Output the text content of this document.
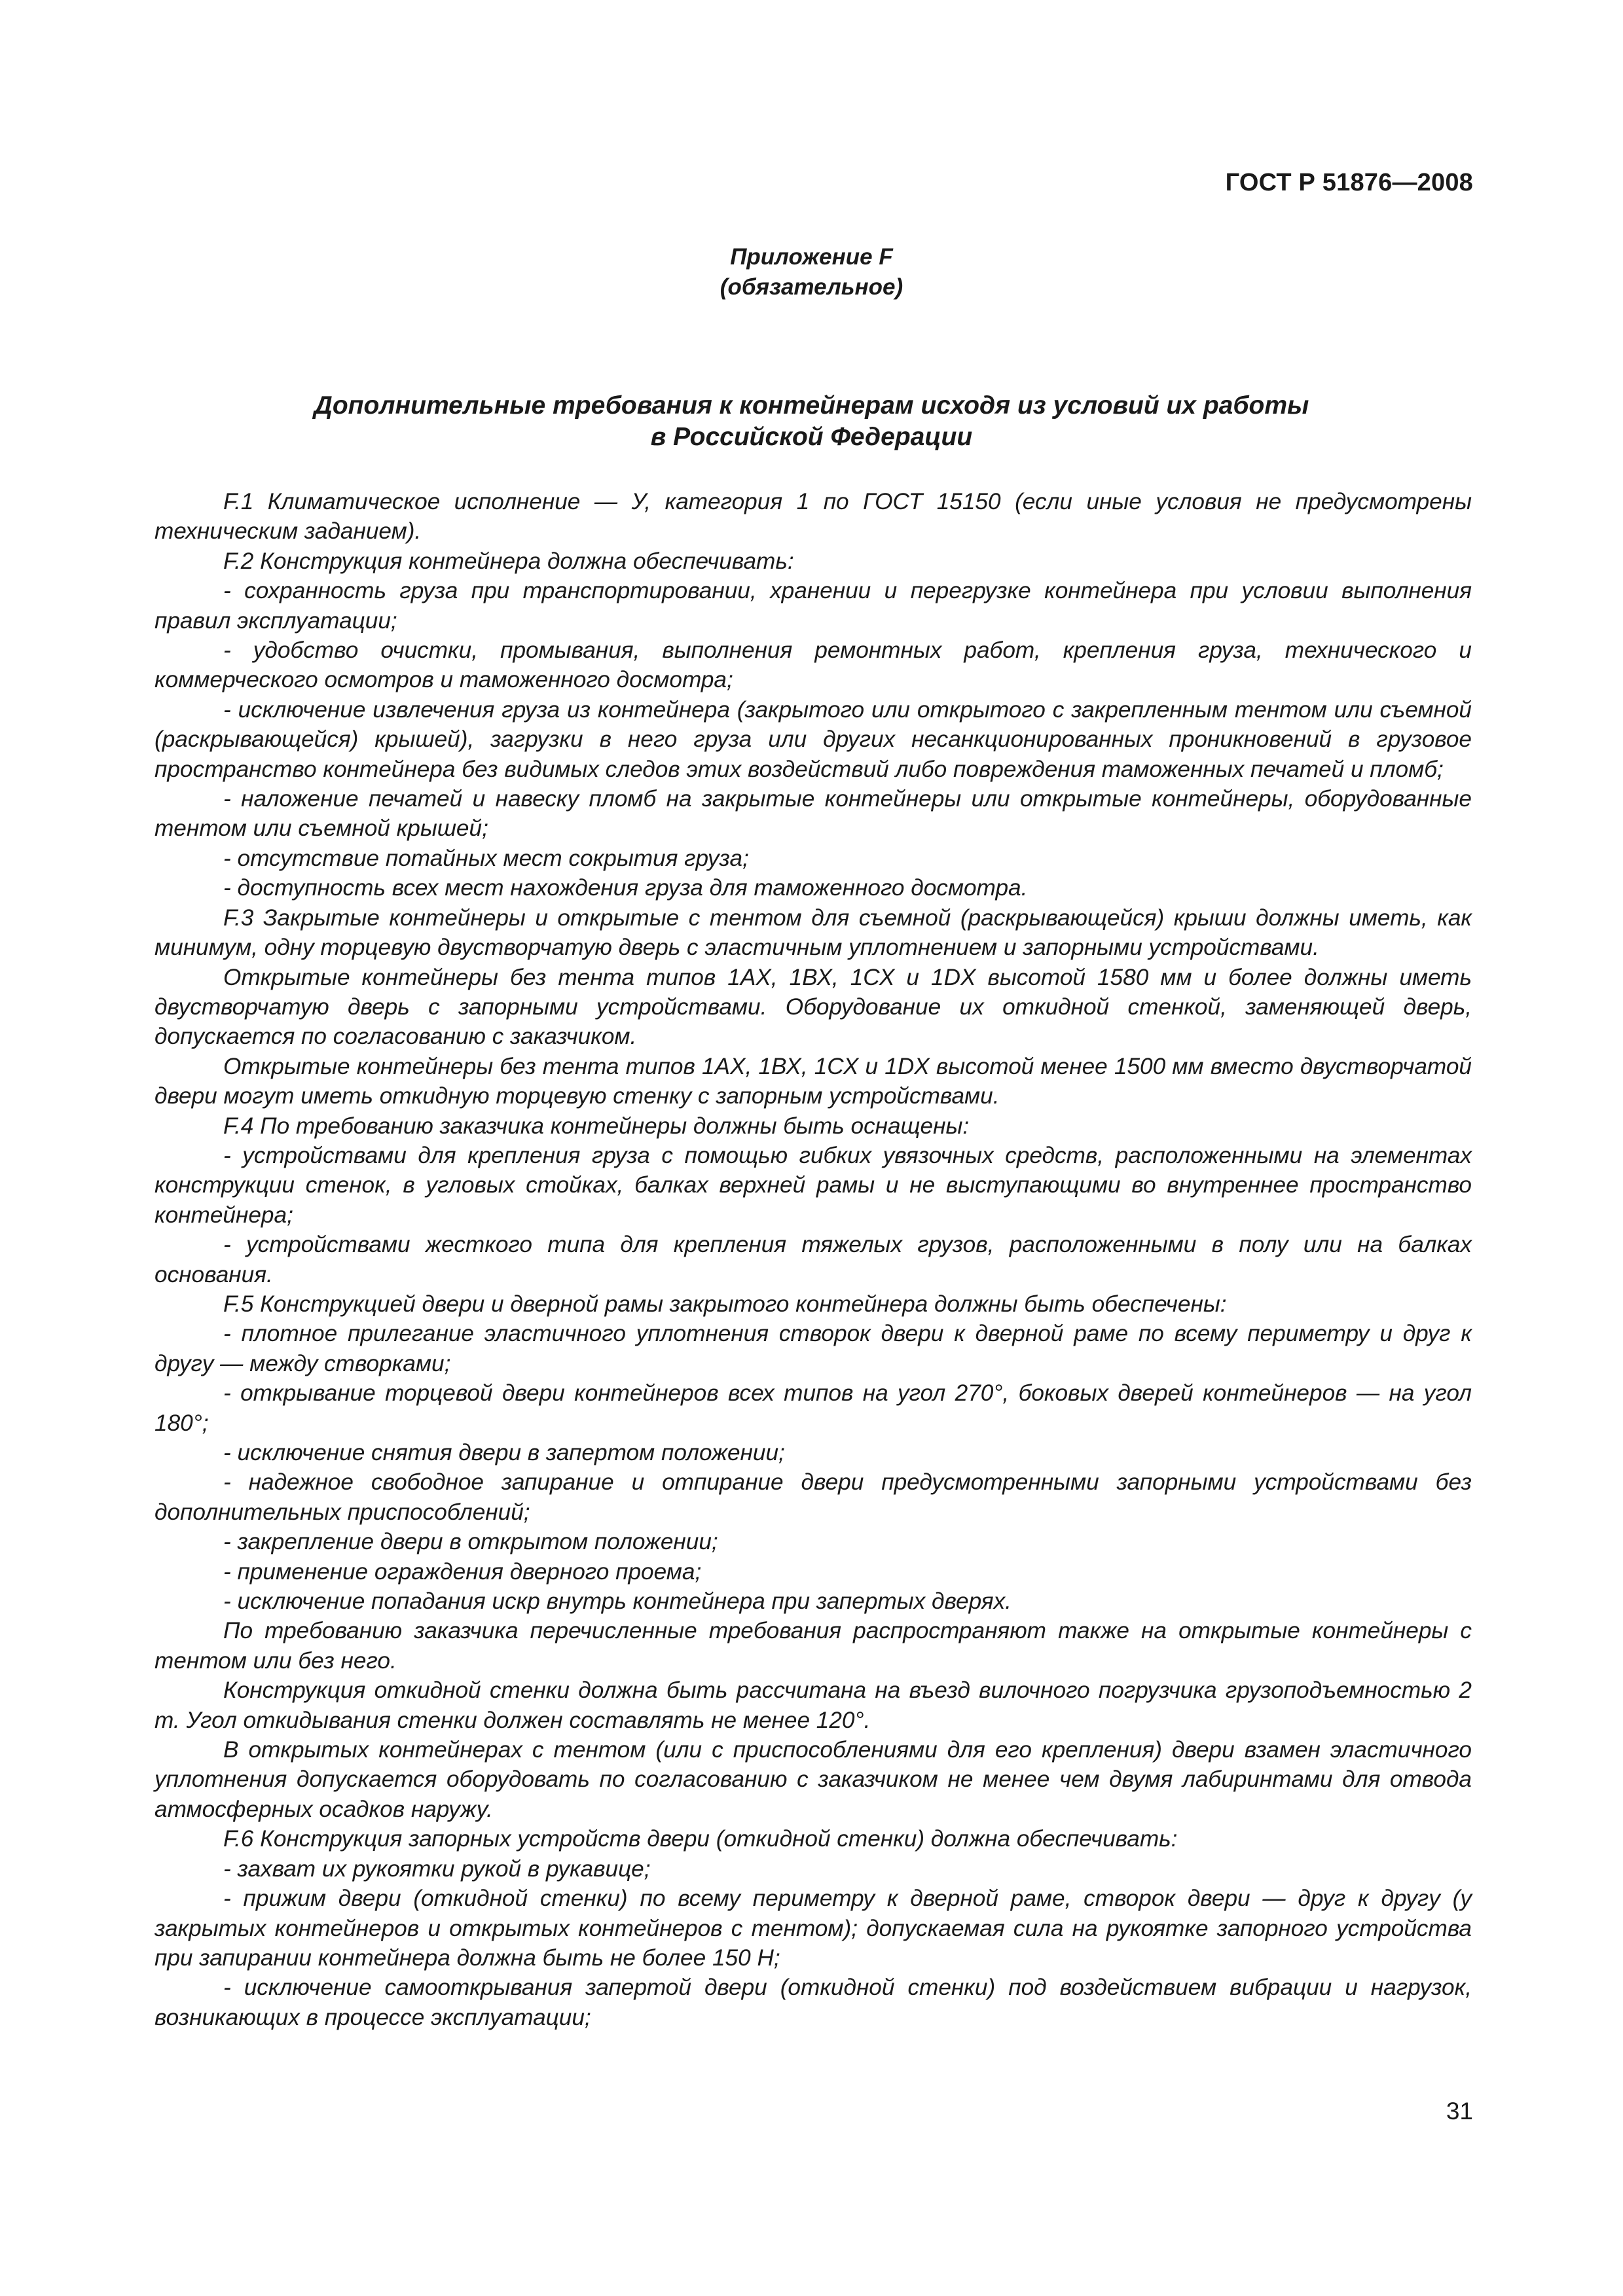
ГОСТ Р 51876—2008
Приложение F
(обязательное)
Дополнительные требования к контейнерам исходя из условий их работы
в Российской Федерации

F.1 Климатическое исполнение — У, категория 1 по ГОСТ 15150 (если иные условия не предусмотрены техническим заданием).

F.2 Конструкция контейнера должна обеспечивать:

- сохранность груза при транспортировании, хранении и перегрузке контейнера при условии выполнения правил эксплуатации;

- удобство очистки, промывания, выполнения ремонтных работ, крепления груза, технического и коммерческого осмотров и таможенного досмотра;

- исключение извлечения груза из контейнера (закрытого или открытого с закрепленным тентом или съемной (раскрывающейся) крышей), загрузки в него груза или других несанкционированных проникновений в грузовое пространство контейнера без видимых следов этих воздействий либо повреждения таможенных печатей и пломб;

- наложение печатей и навеску пломб на закрытые контейнеры или открытые контейнеры, оборудованные тентом или съемной крышей;

- отсутствие потайных мест сокрытия груза;

- доступность всех мест нахождения груза для таможенного досмотра.

F.3 Закрытые контейнеры и открытые с тентом для съемной (раскрывающейся) крыши должны иметь, как минимум, одну торцевую двустворчатую дверь с эластичным уплотнением и запорными устройствами.

Открытые контейнеры без тента типов 1АХ, 1ВХ, 1СХ и 1DX высотой 1580 мм и более должны иметь двустворчатую дверь с запорными устройствами. Оборудование их откидной стенкой, заменяющей дверь, допускается по согласованию с заказчиком.

Открытые контейнеры без тента типов 1АХ, 1ВХ, 1СХ и 1DX высотой менее 1500 мм вместо двустворчатой двери могут иметь откидную торцевую стенку с запорным устройствами.

F.4 По требованию заказчика контейнеры должны быть оснащены:

- устройствами для крепления груза с помощью гибких увязочных средств, расположенными на элементах конструкции стенок, в угловых стойках, балках верхней рамы и не выступающими во внутреннее пространство контейнера;

- устройствами жесткого типа для крепления тяжелых грузов, расположенными в полу или на балках основания.

F.5 Конструкцией двери и дверной рамы закрытого контейнера должны быть обеспечены:

- плотное прилегание эластичного уплотнения створок двери к дверной раме по всему периметру и друг к другу — между створками;

- открывание торцевой двери контейнеров всех типов на угол 270°, боковых дверей контейнеров — на угол 180°;

- исключение снятия двери в запертом положении;

- надежное свободное запирание и отпирание двери предусмотренными запорными устройствами без дополнительных приспособлений;

- закрепление двери в открытом положении;

- применение ограждения дверного проема;

- исключение попадания искр внутрь контейнера при запертых дверях.

По требованию заказчика перечисленные требования распространяют также на открытые контейнеры с тентом или без него.

Конструкция откидной стенки должна быть рассчитана на въезд вилочного погрузчика грузоподъемностью 2 т. Угол откидывания стенки должен составлять не менее 120°.

В открытых контейнерах с тентом (или с приспособлениями для его крепления) двери взамен эластичного уплотнения допускается оборудовать по согласованию с заказчиком не менее чем двумя лабиринтами для отвода атмосферных осадков наружу.

F.6 Конструкция запорных устройств двери (откидной стенки) должна обеспечивать:

- захват их рукоятки рукой в рукавице;

- прижим двери (откидной стенки) по всему периметру к дверной раме, створок двери — друг к другу (у закрытых контейнеров и открытых контейнеров с тентом); допускаемая сила на рукоятке запорного устройства при запирании контейнера должна быть не более 150 Н;

- исключение самооткрывания запертой двери (откидной стенки) под воздействием вибрации и нагрузок, возникающих в процессе эксплуатации;

31
